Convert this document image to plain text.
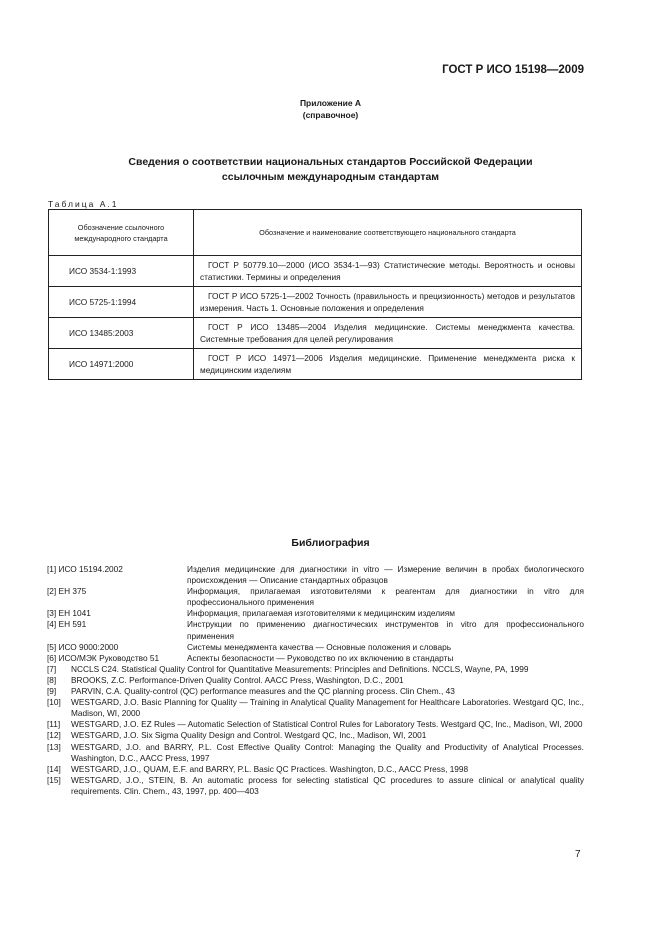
ГОСТ Р ИСО 15198—2009
Приложение А
(справочное)
Сведения о соответствии национальных стандартов Российской Федерации
ссылочным международным стандартам
Таблица А.1
Обозначение ссылочного международного стандарта	Обозначение и наименование соответствующего национального стандарта
ИСО 3534-1:1993	ГОСТ Р 50779.10—2000 (ИСО 3534-1—93) Статистические методы. Вероятность и основы статистики. Термины и определения
ИСО 5725-1:1994	ГОСТ Р ИСО 5725-1—2002 Точность (правильность и прецизионность) методов и результатов измерения. Часть 1. Основные положения и определения
ИСО 13485:2003	ГОСТ Р ИСО 13485—2004 Изделия медицинские. Системы менеджмента качества. Системные требования для целей регулирования
ИСО 14971:2000	ГОСТ Р ИСО 14971—2006 Изделия медицинские. Применение менеджмента риска к медицинским изделиям
Библиография
[1] ИСО 15194.2002	Изделия медицинские для диагностики in vitro — Измерение величин в пробах биологического происхождения — Описание стандартных образцов
[2] ЕН 375	Информация, прилагаемая изготовителями к реагентам для диагностики in vitro для профессионального применения
[3] ЕН 1041	Информация, прилагаемая изготовителями к медицинским изделиям
[4] ЕН 591	Инструкции по применению диагностических инструментов in vitro для профессионального применения
[5] ИСО 9000:2000	Системы менеджмента качества — Основные положения и словарь
[6] ИСО/МЭК Руководство 51	Аспекты безопасности — Руководство по их включению в стандарты
[7]	NCCLS C24. Statistical Quality Control for Quantitative Measurements: Principles and Definitions. NCCLS, Wayne, PA, 1999
[8]	BROOKS, Z.C. Performance-Driven Quality Control. AACC Press, Washington, D.C., 2001
[9]	PARVIN, C.A. Quality-control (QC) performance measures and the QC planning process. Clin Chem., 43
[10]	WESTGARD, J.O. Basic Planning for Quality — Training in Analytical Quality Management for Healthcare Laboratories. Westgard QC, Inc., Madison, WI, 2000
[11]	WESTGARD, J.O. EZ Rules — Automatic Selection of Statistical Control Rules for Laboratory Tests. Westgard QC, Inc., Madison, WI, 2000
[12]	WESTGARD, J.O. Six Sigma Quality Design and Control. Westgard QC, Inc., Madison, WI, 2001
[13]	WESTGARD, J.O. and BARRY, P.L. Cost Effective Quality Control: Managing the Quality and Productivity of Analytical Processes. Washington, D.C., AACC Press, 1997
[14]	WESTGARD, J.O., QUAM, E.F. and BARRY, P.L. Basic QC Practices. Washington, D.C., AACC Press, 1998
[15]	WESTGARD, J.O., STEIN, B. An automatic process for selecting statistical QC procedures to assure clinical or analytical quality requirements. Clin. Chem., 43, 1997, pp. 400—403
7
